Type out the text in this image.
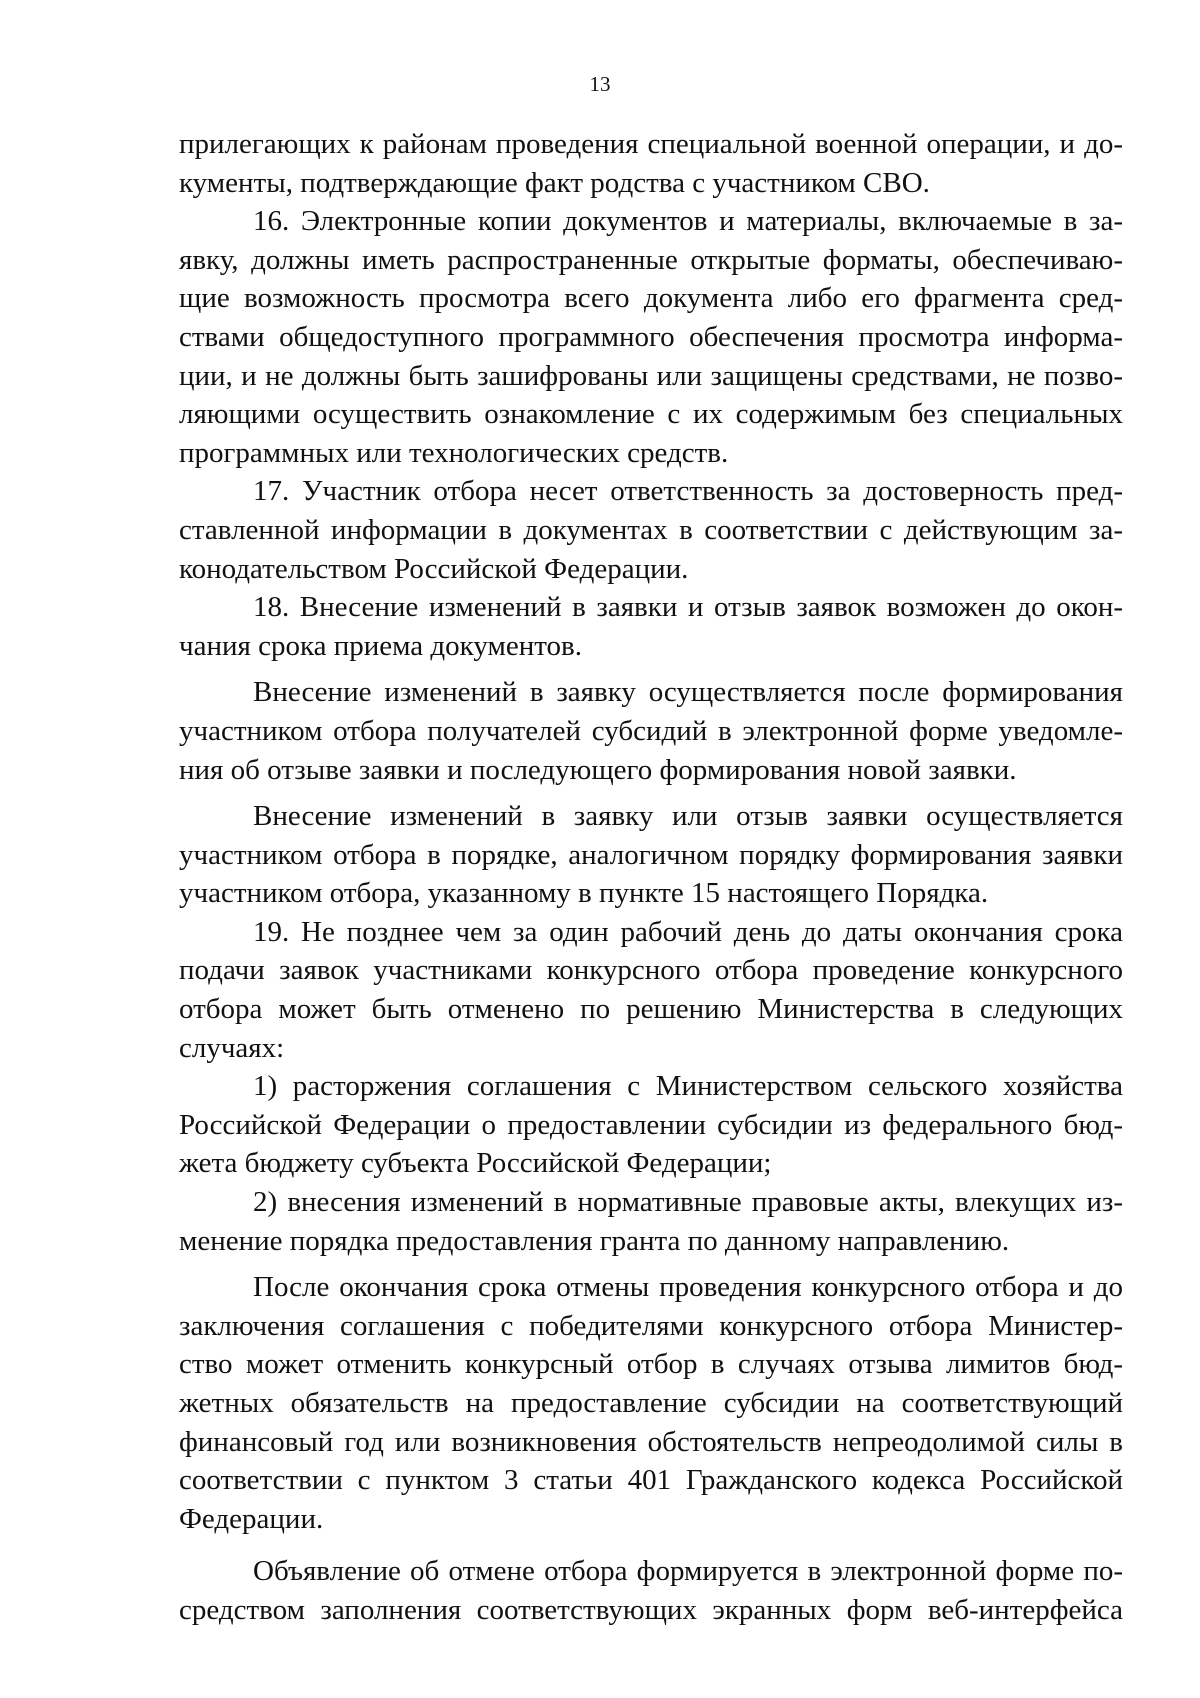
13
прилегающих к районам проведения специальной военной операции, и до-
кументы, подтверждающие факт родства с участником СВО.
16. Электронные копии документов и материалы, включаемые в за-
явку, должны иметь распространенные открытые форматы, обеспечиваю-
щие возможность просмотра всего документа либо его фрагмента сред-
ствами общедоступного программного обеспечения просмотра информа-
ции, и не должны быть зашифрованы или защищены средствами, не позво-
ляющими осуществить ознакомление с их содержимым без специальных
программных или технологических средств.
17. Участник отбора несет ответственность за достоверность пред-
ставленной информации в документах в соответствии с действующим за-
конодательством Российской Федерации.
18. Внесение изменений в заявки и отзыв заявок возможен до окон-
чания срока приема документов.
Внесение изменений в заявку осуществляется после формирования
участником отбора получателей субсидий в электронной форме уведомле-
ния об отзыве заявки и последующего формирования новой заявки.
Внесение изменений в заявку или отзыв заявки осуществляется
участником отбора в порядке, аналогичном порядку формирования заявки
участником отбора, указанному в пункте 15 настоящего Порядка.
19. Не позднее чем за один рабочий день до даты окончания срока
подачи заявок участниками конкурсного отбора проведение конкурсного
отбора может быть отменено по решению Министерства в следующих
случаях:
1) расторжения соглашения с Министерством сельского хозяйства
Российской Федерации о предоставлении субсидии из федерального бюд-
жета бюджету субъекта Российской Федерации;
2) внесения изменений в нормативные правовые акты, влекущих из-
менение порядка предоставления гранта по данному направлению.
После окончания срока отмены проведения конкурсного отбора и до
заключения соглашения с победителями конкурсного отбора Министер-
ство может отменить конкурсный отбор в случаях отзыва лимитов бюд-
жетных обязательств на предоставление субсидии на соответствующий
финансовый год или возникновения обстоятельств непреодолимой силы в
соответствии с пунктом 3 статьи 401 Гражданского кодекса Российской
Федерации.
Объявление об отмене отбора формируется в электронной форме по-
средством заполнения соответствующих экранных форм веб-интерфейса
